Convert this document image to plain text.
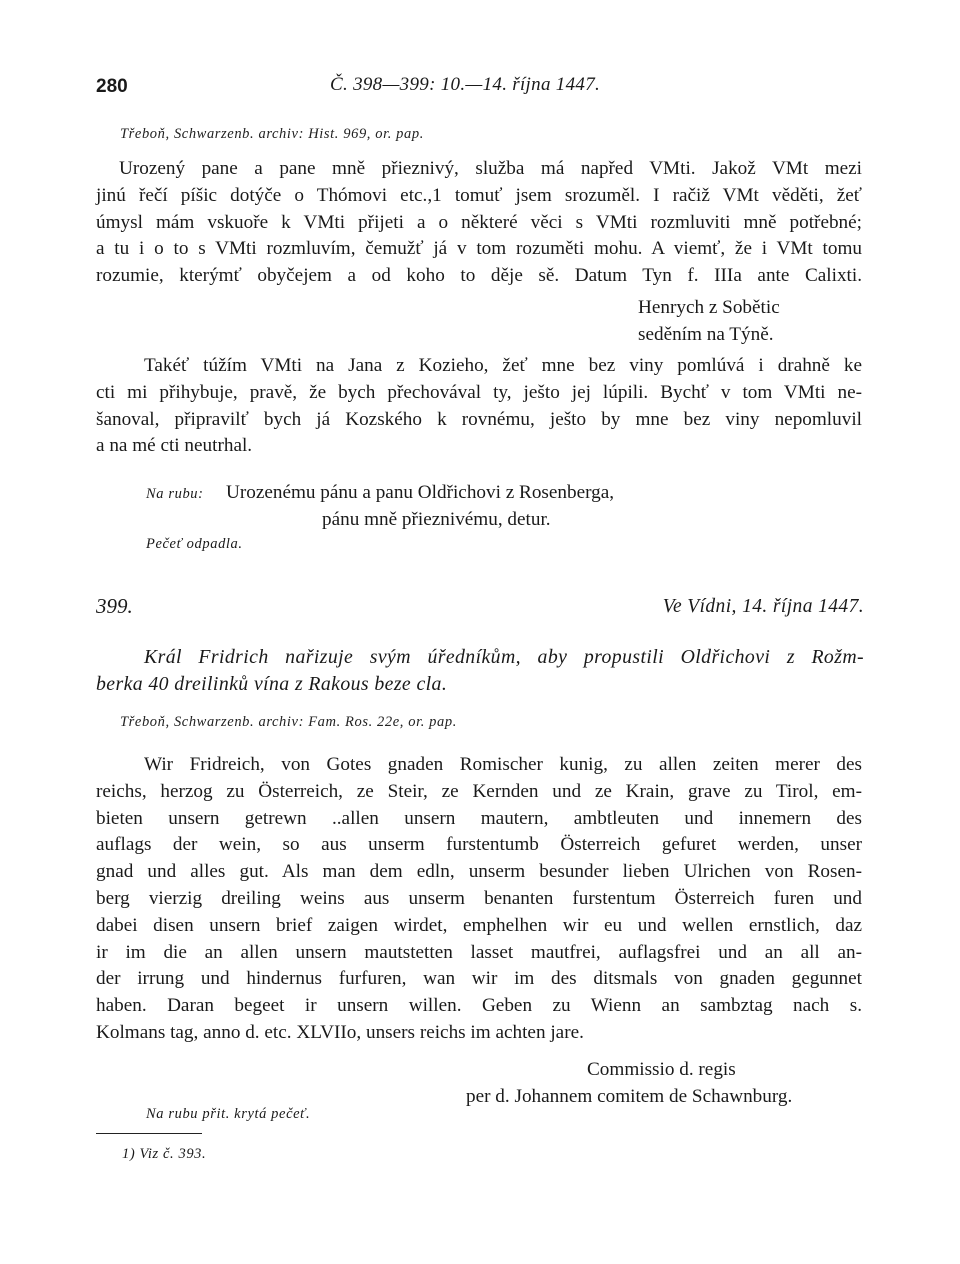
280	Č. 398—399: 10.—14. října 1447.
Třeboň, Schwarzenb. archiv: Hist. 969, or. pap.
Urozený pane a pane mně přieznivý, služba má napřed VMti. Jakož VMt mezi
jinú řečí píšic dotýče o Thómovi etc.,1 tomuť jsem srozuměl. I račiž VMt věděti, žeť
úmysl mám vskuoře k VMti přijeti a o některé věci s VMti rozmluviti mně potřebné;
a tu i o to s VMti rozmluvím, čemužť já v tom rozuměti mohu. A viemť, že i VMt tomu
rozumie, kterýmť obyčejem a od koho to děje sě. Datum Tyn f. IIIa ante Calixti.
Henrych z Sobětic
seděním na Týně.
Takéť túžím VMti na Jana z Kozieho, žeť mne bez viny pomlúvá i drahně ke
cti mi přihybuje, pravě, že bych přechovával ty, ješto jej lúpili. Bychť v tom VMti ne-
šanoval, připravilť bych já Kozského k rovnému, ješto by mne bez viny nepomluvil
a na mé cti neutrhal.
Na rubu: Urozenému pánu a panu Oldřichovi z Rosenberga,
pánu mně přieznivému, detur.
Pečeť odpadla.
399.	Ve Vídni, 14. října 1447.
Král Fridrich nařizuje svým úředníkům, aby propustili Oldřichovi z Rožm-
berka 40 dreilinků vína z Rakous beze cla.
Třeboň, Schwarzenb. archiv: Fam. Ros. 22e, or. pap.
Wir Fridreich, von Gotes gnaden Romischer kunig, zu allen zeiten merer des
reichs, herzog zu Österreich, ze Steir, ze Kernden und ze Krain, grave zu Tirol, em-
bieten unsern getrewn ..allen unsern mautern, ambtleuten und innemern des
auflags der wein, so aus unserm furstentumb Österreich gefuret werden, unser
gnad und alles gut. Als man dem edln, unserm besunder lieben Ulrichen von Rosen-
berg vierzig dreiling weins aus unserm benanten furstentum Österreich furen und
dabei disen unsern brief zaigen wirdet, emphelhen wir eu und wellen ernstlich, daz
ir im die an allen unsern mautstetten lasset mautfrei, auflagsfrei und an all an-
der irrung und hindernus furfuren, wan wir im des ditsmals von gnaden gegunnet
haben. Daran begeet ir unsern willen. Geben zu Wienn an sambztag nach s.
Kolmans tag, anno d. etc. XLVIIo, unsers reichs im achten jare.
Commissio d. regis
per d. Johannem comitem de Schawnburg.
Na rubu přit. krytá pečeť.
1) Viz č. 393.
